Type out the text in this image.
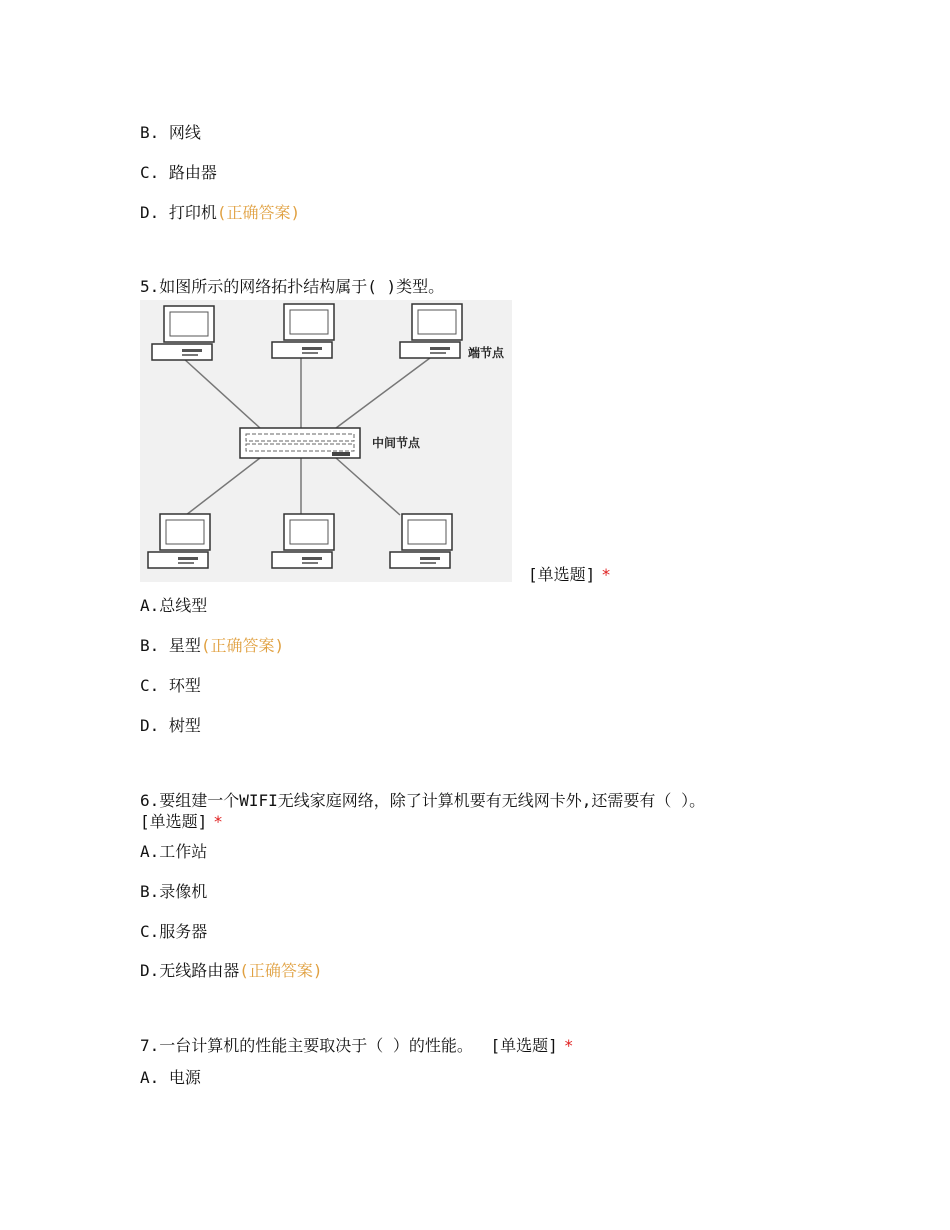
B. 网线
C. 路由器
D. 打印机(正确答案)
5.如图所示的网络拓扑结构属于( )类型。
端节点
中间节点
[单选题] *
A.总线型
B. 星型(正确答案)
C. 环型
D. 树型
6.要组建一个WIFI无线家庭网络，除了计算机要有无线网卡外,还需要有（ ）。
[单选题] *
A.工作站
B.录像机
C.服务器
D.无线路由器(正确答案)
7.一台计算机的性能主要取决于（ ）的性能。 [单选题] *
A. 电源
